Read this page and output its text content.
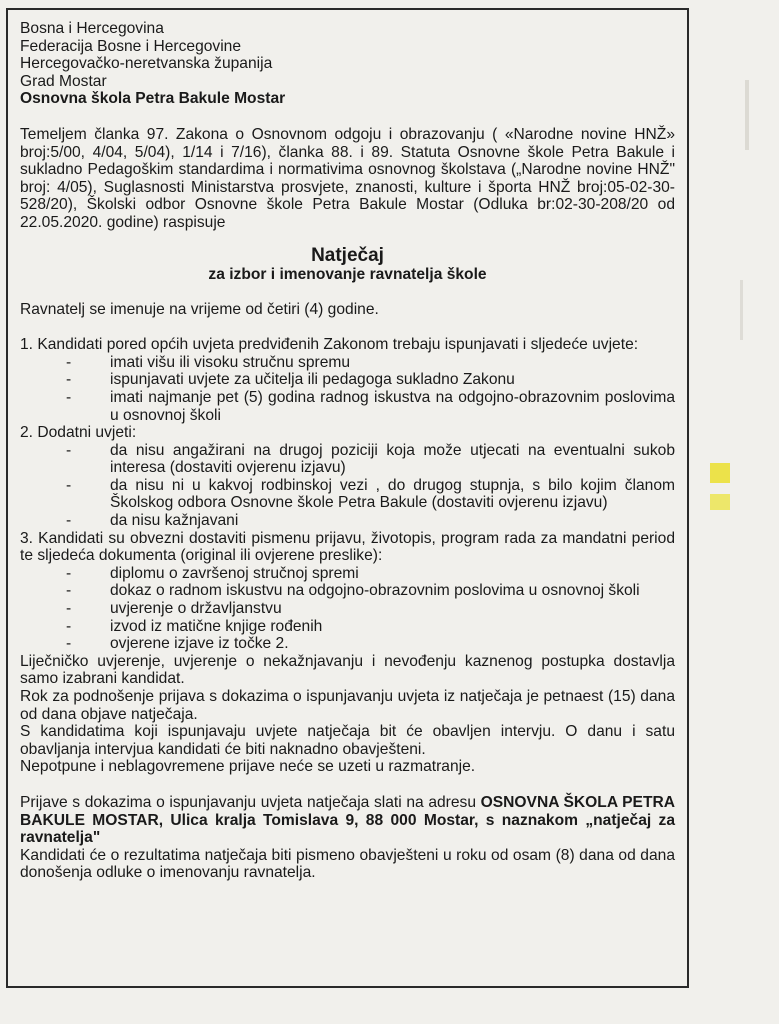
Bosna i Hercegovina
Federacija Bosne i Hercegovine
Hercegovačko-neretvanska županija
Grad Mostar
Osnovna škola Petra Bakule Mostar
Temeljem članka 97. Zakona o Osnovnom odgoju i obrazovanju ( «Narodne novine HNŽ» broj:5/00, 4/04, 5/04), 1/14 i 7/16), članka 88. i 89. Statuta Osnovne škole Petra Bakule i sukladno Pedagoškim standardima i normativima osnovnog školstava („Narodne novine HNŽ" broj: 4/05), Suglasnosti Ministarstva prosvjete, znanosti, kulture i športa HNŽ broj:05-02-30-528/20), Školski odbor Osnovne škole Petra Bakule Mostar (Odluka br:02-30-208/20 od 22.05.2020. godine) raspisuje
Natječaj
za izbor i imenovanje ravnatelja škole
Ravnatelj se imenuje na vrijeme od četiri (4) godine.
1. Kandidati pored općih uvjeta predviđenih Zakonom trebaju ispunjavati i sljedeće uvjete:
-	imati višu ili visoku stručnu spremu
-	ispunjavati uvjete za učitelja ili pedagoga sukladno Zakonu
-	imati najmanje pet (5) godina radnog iskustva na odgojno-obrazovnim poslovima u osnovnoj školi
2. Dodatni uvjeti:
-	da nisu angažirani na drugoj poziciji koja može utjecati na eventualni sukob interesa (dostaviti ovjerenu izjavu)
-	da nisu ni u kakvoj rodbinskoj vezi , do drugog stupnja, s bilo kojim članom Školskog odbora Osnovne škole Petra Bakule (dostaviti ovjerenu izjavu)
-	da nisu kažnjavani
3. Kandidati su obvezni dostaviti pismenu prijavu, životopis, program rada za mandatni period te sljedeća dokumenta (original ili ovjerene preslike):
-	diplomu o završenoj stručnoj spremi
-	dokaz o radnom iskustvu na odgojno-obrazovnim poslovima u osnovnoj školi
-	uvjerenje o državljanstvu
-	izvod iz matične knjige rođenih
-	ovjerene izjave iz točke 2.
Liječničko uvjerenje, uvjerenje o nekažnjavanju i nevođenju kaznenog postupka dostavlja samo izabrani kandidat.
Rok za podnošenje prijava s dokazima o ispunjavanju uvjeta iz natječaja je petnaest (15) dana od dana objave natječaja.
S kandidatima koji ispunjavaju uvjete natječaja bit će obavljen intervju. O danu i satu obavljanja intervjua kandidati će biti naknadno obavješteni.
Nepotpune i neblagovremene prijave neće se uzeti u razmatranje.
Prijave s dokazima o ispunjavanju uvjeta natječaja slati na adresu OSNOVNA ŠKOLA PETRA BAKULE MOSTAR, Ulica kralja Tomislava 9, 88 000 Mostar, s naznakom „natječaj za ravnatelja"
Kandidati će o rezultatima natječaja biti pismeno obavješteni u roku od osam (8) dana od dana donošenja odluke o imenovanju ravnatelja.
